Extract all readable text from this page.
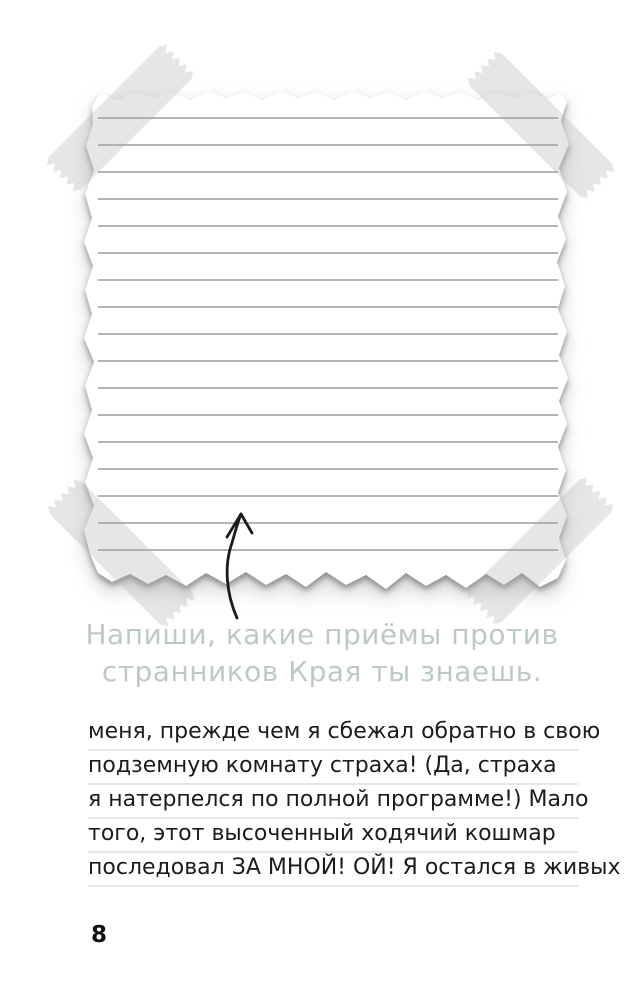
Напиши, какие приёмы против
странников Края ты знаешь.
меня, прежде чем я сбежал обратно в свою
подземную комнату страха! (Да, страха
я натерпелся по полной программе!) Мало
того, этот высоченный ходячий кошмар
последовал ЗА МНОЙ! ОЙ! Я остался в живых
8
